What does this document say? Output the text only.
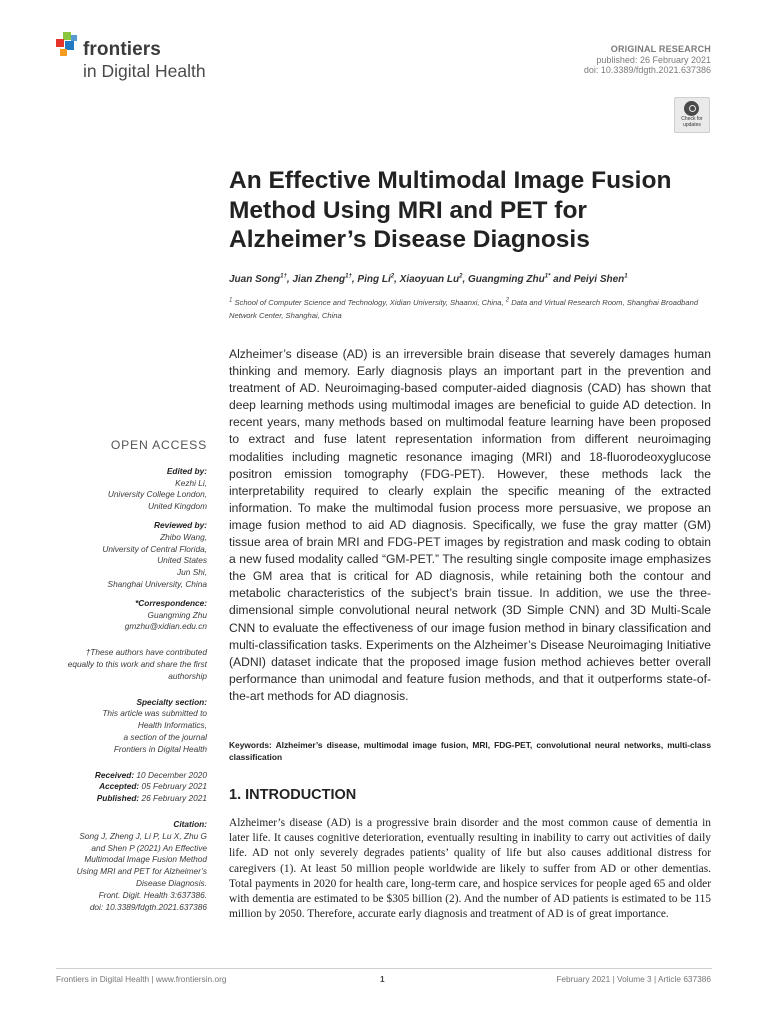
frontiers
in Digital Health
ORIGINAL RESEARCH
published: 26 February 2021
doi: 10.3389/fdgth.2021.637386
Check for updates
An Effective Multimodal Image Fusion Method Using MRI and PET for Alzheimer’s Disease Diagnosis
Juan Song$^{1\dagger}$, Jian Zheng$^{1\dagger}$, Ping Li$^2$, Xiaoyuan Lu$^2$, Guangming Zhu$^{1*}$ and Peiyi Shen$^1$
$^1$ School of Computer Science and Technology, Xidian University, Shaanxi, China, $^2$ Data and Virtual Research Room, Shanghai Broadband Network Center, Shanghai, China
Alzheimer’s disease (AD) is an irreversible brain disease that severely damages human thinking and memory. Early diagnosis plays an important part in the prevention and treatment of AD. Neuroimaging-based computer-aided diagnosis (CAD) has shown that deep learning methods using multimodal images are beneficial to guide AD detection. In recent years, many methods based on multimodal feature learning have been proposed to extract and fuse latent representation information from different neuroimaging modalities including magnetic resonance imaging (MRI) and 18-fluorodeoxyglucose positron emission tomography (FDG-PET). However, these methods lack the interpretability required to clearly explain the specific meaning of the extracted information. To make the multimodal fusion process more persuasive, we propose an image fusion method to aid AD diagnosis. Specifically, we fuse the gray matter (GM) tissue area of brain MRI and FDG-PET images by registration and mask coding to obtain a new fused modality called “GM-PET.” The resulting single composite image emphasizes the GM area that is critical for AD diagnosis, while retaining both the contour and metabolic characteristics of the subject’s brain tissue. In addition, we use the three-dimensional simple convolutional neural network (3D Simple CNN) and 3D Multi-Scale CNN to evaluate the effectiveness of our image fusion method in binary classification and multi-classification tasks. Experiments on the Alzheimer’s Disease Neuroimaging Initiative (ADNI) dataset indicate that the proposed image fusion method achieves better overall performance than unimodal and feature fusion methods, and that it outperforms state-of-the-art methods for AD diagnosis.
Keywords: Alzheimer’s disease, multimodal image fusion, MRI, FDG-PET, convolutional neural networks, multi-class classification
OPEN ACCESS
Edited by:
Kezhi Li,
University College London,
United Kingdom
Reviewed by:
Zhibo Wang,
University of Central Florida,
United States
Jun Shi,
Shanghai University, China
*Correspondence:
Guangming Zhu
gmzhu@xidian.edu.cn
†These authors have contributed equally to this work and share the first authorship
Specialty section:
This article was submitted to
Health Informatics,
a section of the journal
Frontiers in Digital Health
Received: 10 December 2020
Accepted: 05 February 2021
Published: 26 February 2021
Citation:
Song J, Zheng J, Li P, Lu X, Zhu G
and Shen P (2021) An Effective
Multimodal Image Fusion Method
Using MRI and PET for Alzheimer’s
Disease Diagnosis.
Front. Digit. Health 3:637386.
doi: 10.3389/fdgth.2021.637386
1. INTRODUCTION
Alzheimer’s disease (AD) is a progressive brain disorder and the most common cause of dementia in later life. It causes cognitive deterioration, eventually resulting in inability to carry out activities of daily life. AD not only severely degrades patients’ quality of life but also causes additional distress for caregivers (1). At least 50 million people worldwide are likely to suffer from AD or other dementias. Total payments in 2020 for health care, long-term care, and hospice services for people aged 65 and older with dementia are estimated to be $305 billion (2). And the number of AD patients is estimated to be 115 million by 2050. Therefore, accurate early diagnosis and treatment of AD is of great importance.
Frontiers in Digital Health | www.frontiersin.org	1	February 2021 | Volume 3 | Article 637386
